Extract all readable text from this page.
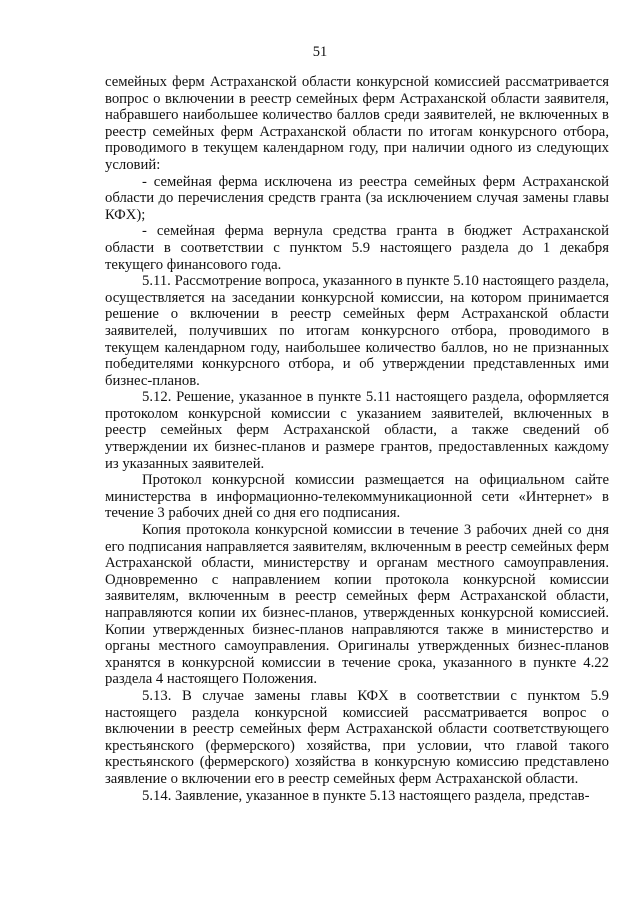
51

семейных ферм Астраханской области конкурсной комиссией рассматривается вопрос о включении в реестр семейных ферм Астраханской области заявителя, набравшего наибольшее количество баллов среди заявителей, не включенных в реестр семейных ферм Астраханской области по итогам конкурсного отбора, проводимого в текущем календарном году, при наличии одного из следующих условий:

- семейная ферма исключена из реестра семейных ферм Астраханской области до перечисления средств гранта (за исключением случая замены главы КФХ);

- семейная ферма вернула средства гранта в бюджет Астраханской области в соответствии с пунктом 5.9 настоящего раздела до 1 декабря текущего финансового года.

5.11. Рассмотрение вопроса, указанного в пункте 5.10 настоящего раздела, осуществляется на заседании конкурсной комиссии, на котором принимается решение о включении в реестр семейных ферм Астраханской области заявителей, получивших по итогам конкурсного отбора, проводимого в текущем календарном году, наибольшее количество баллов, но не признанных победителями конкурсного отбора, и об утверждении представленных ими бизнес-планов.

5.12. Решение, указанное в пункте 5.11 настоящего раздела, оформляется протоколом конкурсной комиссии с указанием заявителей, включенных в реестр семейных ферм Астраханской области, а также сведений об утверждении их бизнес-планов и размере грантов, предоставленных каждому из указанных заявителей.

Протокол конкурсной комиссии размещается на официальном сайте министерства в информационно-телекоммуникационной сети «Интернет» в течение 3 рабочих дней со дня его подписания.

Копия протокола конкурсной комиссии в течение 3 рабочих дней со дня его подписания направляется заявителям, включенным в реестр семейных ферм Астраханской области, министерству и органам местного самоуправления. Одновременно с направлением копии протокола конкурсной комиссии заявителям, включенным в реестр семейных ферм Астраханской области, направляются копии их бизнес-планов, утвержденных конкурсной комиссией. Копии утвержденных бизнес-планов направляются также в министерство и органы местного самоуправления. Оригиналы утвержденных бизнес-планов хранятся в конкурсной комиссии в течение срока, указанного в пункте 4.22 раздела 4 настоящего Положения.

5.13. В случае замены главы КФХ в соответствии с пунктом 5.9 настоящего раздела конкурсной комиссией рассматривается вопрос о включении в реестр семейных ферм Астраханской области соответствующего крестьянского (фермерского) хозяйства, при условии, что главой такого крестьянского (фермерского) хозяйства в конкурсную комиссию представлено заявление о включении его в реестр семейных ферм Астраханской области.

5.14. Заявление, указанное в пункте 5.13 настоящего раздела, представ-
